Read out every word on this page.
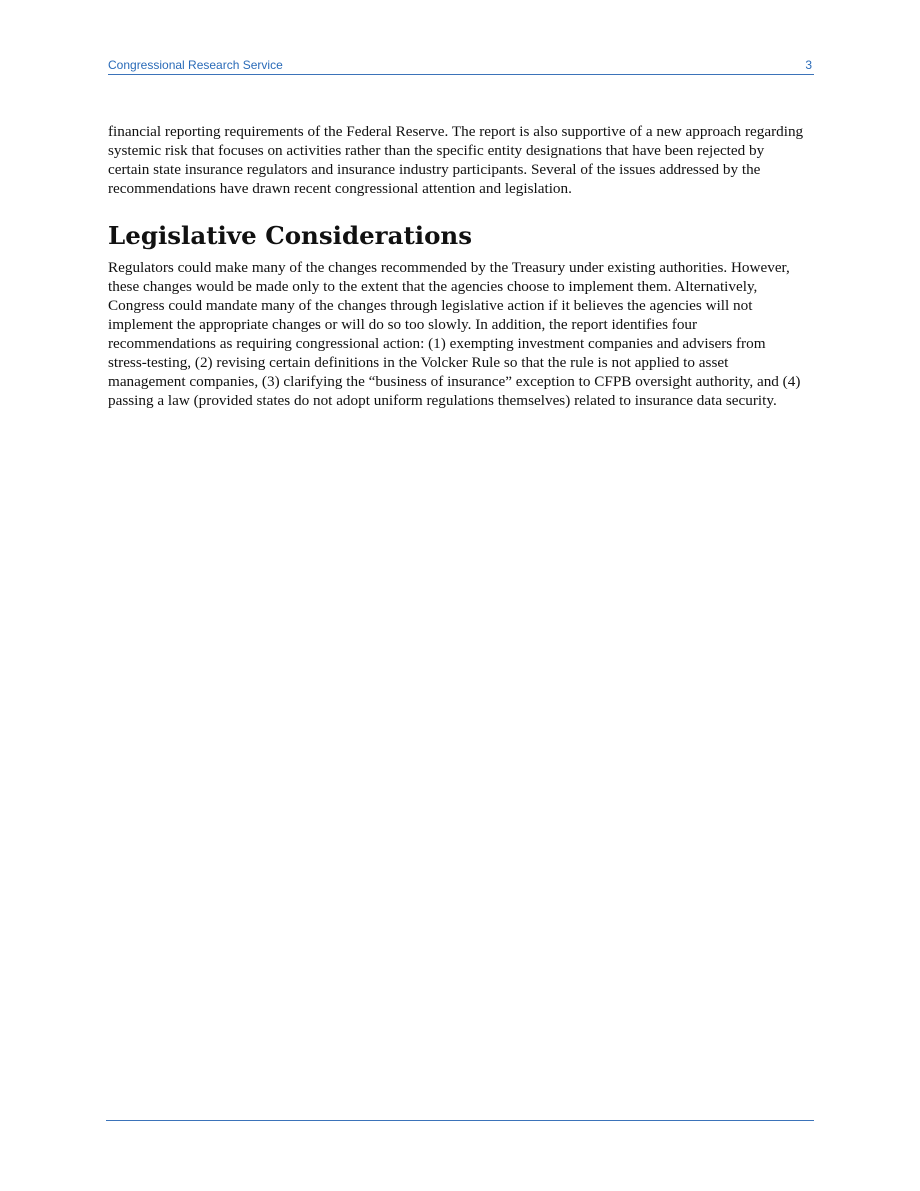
Congressional Research Service	3

financial reporting requirements of the Federal Reserve. The report is also supportive of a new approach regarding systemic risk that focuses on activities rather than the specific entity designations that have been rejected by certain state insurance regulators and insurance industry participants. Several of the issues addressed by the recommendations have drawn recent congressional attention and legislation.

Legislative Considerations

Regulators could make many of the changes recommended by the Treasury under existing authorities. However, these changes would be made only to the extent that the agencies choose to implement them. Alternatively, Congress could mandate many of the changes through legislative action if it believes the agencies will not implement the appropriate changes or will do so too slowly. In addition, the report identifies four recommendations as requiring congressional action: (1) exempting investment companies and advisers from stress-testing, (2) revising certain definitions in the Volcker Rule so that the rule is not applied to asset management companies, (3) clarifying the “business of insurance” exception to CFPB oversight authority, and (4) passing a law (provided states do not adopt uniform regulations themselves) related to insurance data security.
